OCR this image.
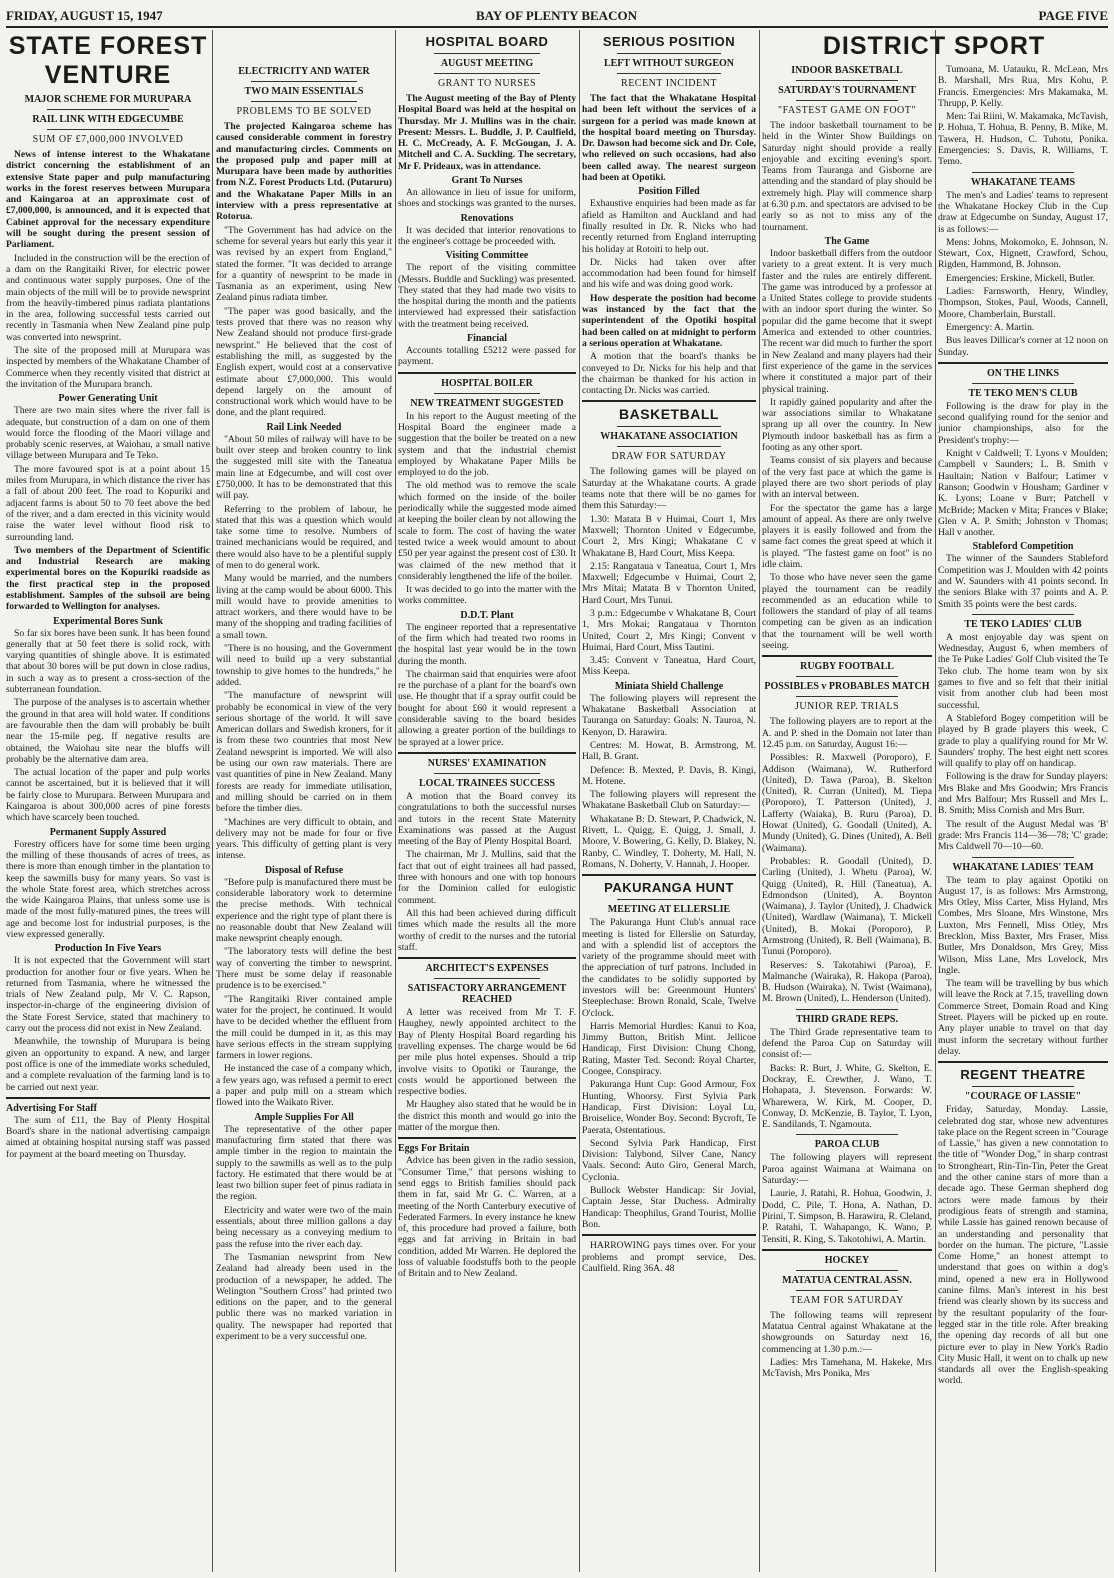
FRIDAY, AUGUST 15, 1947	BAY OF PLENTY BEACON	PAGE FIVE
STATE FOREST VENTURE
MAJOR SCHEME FOR MURUPARA
RAIL LINK WITH EDGECUMBE
SUM OF £7,000,000 INVOLVED

News of intense interest to the Whakatane district concerning the establishment of an extensive State paper and pulp manufacturing works in the forest reserves between Murupara and Kaingaroa at an approximate cost of £7,000,000, is announced, and it is expected that Cabinet approval for the necessary expenditure will be sought during the present session of Parliament.

Included in the construction will be the erection of a dam on the Rangitaiki River, for electric power and continuous water supply purposes. One of the main objects of the mill will be to provide newsprint from the heavily-timbered pinus radiata plantations in the area, following successful tests carried out recently in Tasmania when New Zealand pine pulp was converted into newsprint.

The site of the proposed mill at Murupara was inspected by members of the Whakatane Chamber of Commerce when they recently visited that district at the invitation of the Murupara branch.

Power Generating Unit

There are two main sites where the river fall is adequate, but construction of a dam on one of them would force the flooding of the Maori village and probably scenic reserves, at Waiohau, a small native village between Murupara and Te Teko.

The more favoured spot is at a point about 15 miles from Murupara, in which distance the river has a fall of about 200 feet. The road to Kopuriki and adjacent farms is about 50 to 70 feet above the bed of the river, and a dam erected in this vicinity would raise the water level without flood risk to surrounding land.

Two members of the Department of Scientific and Industrial Research are making experimental bores on the Kopuriki roadside as the first practical step in the proposed establishment. Samples of the subsoil are being forwarded to Wellington for analyses.

Experimental Bores Sunk

So far six bores have been sunk. It has been found generally that at 50 feet there is solid rock, with varying quantities of shingle above. It is estimated that about 30 bores will be put down in close radius, in such a way as to present a cross-section of the subterranean foundation.

The purpose of the analyses is to ascertain whether the ground in that area will hold water. If conditions are favourable then the dam will probably be built near the 15-mile peg. If negative results are obtained, the Waiohau site near the bluffs will probably be the alternative dam area.

The actual location of the paper and pulp works cannot be ascertained, but it is believed that it will be fairly close to Murupara. Between Murupara and Kaingaroa is about 300,000 acres of pine forests which have scarcely been touched.

Permanent Supply Assured

Forestry officers have for some time been urging the milling of these thousands of acres of trees, as there is more than enough timber in the plantation to keep the sawmills busy for many years. So vast is the whole State forest area, which stretches across the wide Kaingaroa Plains, that unless some use is made of the most fully-matured pines, the trees will age and become lost for industrial purposes, is the view expressed generally.

Production In Five Years

It is not expected that the Government will start production for another four or five years. When he returned from Tasmania, where he witnessed the trials of New Zealand pulp, Mr V. C. Rapson, inspector-in-charge of the engineering division of the State Forest Service, stated that machinery to carry out the process did not exist in New Zealand.

Meanwhile, the township of Murupara is being given an opportunity to expand. A new, and larger post office is one of the immediate works scheduled, and a complete revaluation of the farming land is to be carried out next year.

Advertising For Staff

The sum of £11, the Bay of Plenty Hospital Board's share in the national advertising campaign aimed at obtaining hospital nursing staff was passed for payment at the board meeting on Thursday.

ELECTRICITY AND WATER
TWO MAIN ESSENTIALS
PROBLEMS TO BE SOLVED

The projected Kaingaroa scheme has caused considerable comment in forestry and manufacturing circles. Comments on the proposed pulp and paper mill at Murupara have been made by authorities from N.Z. Forest Products Ltd. (Putaruru) and the Whakatane Paper Mills in an interview with a press representative at Rotorua.

"The Government has had advice on the scheme for several years but early this year it was revised by an expert from England," stated the former. "It was decided to arrange for a quantity of newsprint to be made in Tasmania as an experiment, using New Zealand pinus radiata timber.

"The paper was good basically, and the tests proved that there was no reason why New Zealand should not produce first-grade newsprint." He believed that the cost of establishing the mill, as suggested by the English expert, would cost at a conservative estimate about £7,000,000. This would depend largely on the amount of constructional work which would have to be done, and the plant required.

Rail Link Needed

"About 50 miles of railway will have to be built over steep and broken country to link the suggested mill site with the Taneatua main line at Edgecumbe, and will cost over £750,000. It has to be demonstrated that this will pay.

Referring to the problem of labour, he stated that this was a question which would take some time to resolve. Numbers of trained mechanicians would be required, and there would also have to be a plentiful supply of men to do general work.

Many would be married, and the numbers living at the camp would be about 6000. This mill would have to provide amenities to attract workers, and there would have to be many of the shopping and trading facilities of a small town.

"There is no housing, and the Government will need to build up a very substantial township to give homes to the hundreds," he added.

"The manufacture of newsprint will probably be economical in view of the very serious shortage of the world. It will save American dollars and Swedish kroners, for it is from these two countries that most New Zealand newsprint is imported. We will also be using our own raw materials. There are vast quantities of pine in New Zealand. Many forests are ready for immediate utilisation, and milling should be carried on in them before the timber dies.

"Machines are very difficult to obtain, and delivery may not be made for four or five years. This difficulty of getting plant is very intense.

Disposal of Refuse

"Before pulp is manufactured there must be considerable laboratory work to determine the precise methods. With technical experience and the right type of plant there is no reasonable doubt that New Zealand will make newsprint cheaply enough.

"The laboratory tests will define the best way of converting the timber to newsprint. There must be some delay if reasonable prudence is to be exercised."

"The Rangitaiki River contained ample water for the project, he continued. It would have to be decided whether the effluent from the mill could be dumped in it, as this may have serious effects in the stream supplying farmers in lower regions.

He instanced the case of a company which, a few years ago, was refused a permit to erect a paper and pulp mill on a stream which flowed into the Waikato River.

Ample Supplies For All

The representative of the other paper manufacturing firm stated that there was ample timber in the region to maintain the supply to the sawmills as well as to the pulp factory. He estimated that there would be at least two billion super feet of pinus radiata in the region.

Electricity and water were two of the main essentials, about three million gallons a day being necessary as a conveying medium to pass the refuse into the river each day.

The Tasmanian newsprint from New Zealand had already been used in the production of a newspaper, he added. The Welington "Southern Cross" had printed two editions on the paper, and to the general public there was no marked variation in quality. The newspaper had reported that experiment to be a very successful one.

HOSPITAL BOARD
AUGUST MEETING
GRANT TO NURSES

The August meeting of the Bay of Plenty Hospital Board was held at the hospital on Thursday. Mr J. Mullins was in the chair. Present: Messrs. L. Buddle, J. P. Caulfield, H. C. McCready, A. F. McGougan, J. A. Mitchell and C. A. Suckling. The secretary, Mr F. Prideaux, was in attendance.

Grant To Nurses

An allowance in lieu of issue for uniform, shoes and stockings was granted to the nurses.

Renovations

It was decided that interior renovations to the engineer's cottage be proceeded with.

Visiting Committee

The report of the visiting committee (Messrs. Buddle and Suckling) was presented. They stated that they had made two visits to the hospital during the month and the patients interviewed had expressed their satisfaction with the treatment being received.

Financial

Accounts totalling £5212 were passed for payment.

HOSPITAL BOILER
NEW TREATMENT SUGGESTED

In his report to the August meeting of the Hospital Board the engineer made a suggestion that the boiler be treated on a new system and that the industrial chemist employed by Whakatane Paper Mills be employed to do the job.

The old method was to remove the scale which formed on the inside of the boiler periodically while the suggested mode aimed at keeping the boiler clean by not allowing the scale to form. The cost of having the water tested twice a week would amount to about £50 per year against the present cost of £30. It was claimed of the new method that it considerably lengthened the life of the boiler.

It was decided to go into the matter with the works committee.

D.D.T. Plant

The engineer reported that a representative of the firm which had treated two rooms in the hospital last year would be in the town during the month.

The chairman said that enquiries were afoot re the purchase of a plant for the board's own use. He thought that if a spray outfit could be bought for about £60 it would represent a considerable saving to the board besides allowing a greater portion of the buildings to be sprayed at a lower price.

NURSES' EXAMINATION
LOCAL TRAINEES SUCCESS

A motion that the Board convey its congratulations to both the successful nurses and tutors in the recent State Maternity Examinations was passed at the August meeting of the Bay of Plenty Hospital Board.

The chairman, Mr J. Mullins, said that the fact that out of eight trainees all had passed, three with honours and one with top honours for the Dominion called for eulogistic comment.

All this had been achieved during difficult times which made the results all the more worthy of credit to the nurses and the tutorial staff.

ARCHITECT'S EXPENSES
SATISFACTORY ARRANGEMENT REACHED

A letter was received from Mr T. F. Haughey, newly appointed architect to the Bay of Plenty Hospital Board regarding his travelling expenses. The charge would be 6d per mile plus hotel expenses. Should a trip involve visits to Opotiki or Taurange, the costs would be apportioned between the respective bodies.

Mr Haughey also stated that he would be in the district this month and would go into the matter of the morgue then.

Eggs For Britain

Advice has been given in the radio session, "Consumer Time," that persons wishing to send eggs to British families should pack them in fat, said Mr G. C. Warren, at a meeting of the North Canterbury executive of Federated Farmers. In every instance he knew of, this procedure had proved a failure, both eggs and fat arriving in Britain in bad condition, added Mr Warren. He deplored the loss of valuable foodstuffs both to the people of Britain and to New Zealand.

SERIOUS POSITION
LEFT WITHOUT SURGEON
RECENT INCIDENT

The fact that the Whakatane Hospital had been left without the services of a surgeon for a period was made known at the hospital board meeting on Thursday. Dr. Dawson had become sick and Dr. Cole, who relieved on such occasions, had also been called away. The nearest surgeon had been at Opotiki.

Position Filled

Exhaustive enquiries had been made as far afield as Hamilton and Auckland and had finally resulted in Dr. R. Nicks who had recently returned from England interrupting his holiday at Rotoiti to help out.

Dr. Nicks had taken over after accommodation had been found for himself and his wife and was doing good work.

How desperate the position had become was instanced by the fact that the superintendent of the Opotiki hospital had been called on at midnight to perform a serious operation at Whakatane.

A motion that the board's thanks be conveyed to Dr. Nicks for his help and that the chairman be thanked for his action in contacting Dr. Nicks was carried.

BASKETBALL
WHAKATANE ASSOCIATION
DRAW FOR SATURDAY

The following games will be played on Saturday at the Whakatane courts. A grade teams note that there will be no games for them this Saturday:—

1.30: Matata B v Huimai, Court 1, Mrs Maxwell; Thornton United v Edgecumbe, Court 2, Mrs Kingi; Whakatane C v Whakatane B, Hard Court, Miss Keepa.

2.15: Rangataua v Taneatua, Court 1, Mrs Maxwell; Edgecumbe v Huimai, Court 2, Mrs Mitai; Matata B v Thornton United, Hard Court, Mrs Tunui.

3 p.m.: Edgecumbe v Whakatane B, Court 1, Mrs Mokai; Rangataua v Thornton United, Court 2, Mrs Kingi; Convent v Huimai, Hard Court, Miss Tautini.

3.45: Convent v Taneatua, Hard Court, Miss Keepa.

Miniata Shield Challenge

The following players will represent the Whakatane Basketball Association at Tauranga on Saturday: Goals: N. Tauroa, N. Kenyon, D. Harawira.

Centres: M. Howat, B. Armstrong, M. Hall, B. Grant.

Defence: B. Mexted, P. Davis, B. Kingi, M. Hotene.

The following players will represent the Whakatane Basketball Club on Saturday:—

Whakatane B: D. Stewart, P. Chadwick, N. Rivett, L. Quigg, E. Quigg, J. Small, J. Moore, V. Bowering, G. Kelly, D. Blakey, N. Ranby, C. Windley, T. Doherty, M. Hall, N. Romans, N. Doherty, V. Hannah, J. Hooper.

PAKURANGA HUNT
MEETING AT ELLERSLIE

The Pakuranga Hunt Club's annual race meeting is listed for Ellerslie on Saturday, and with a splendid list of acceptors the variety of the programme should meet with the appreciation of turf patrons. Included in the candidates to be solidly supported by investors will be: Greenmount Hunters' Steeplechase: Brown Ronald, Scale, Twelve O'clock.

Harris Memorial Hurdles: Kanui to Koa, Jimmy Button, British Mint. Jellicoe Handicap, First Division: Chung Chong, Rating, Master Ted. Second: Royal Charter, Coogee, Conspiracy.

Pakuranga Hunt Cup: Good Armour, Fox Hunting, Whoorsy. First Sylvia Park Handicap, First Division: Loyal Lu, Broiselice, Wonder Boy. Second: Bycroft, Te Paerata, Ostentatious.

Second Sylvia Park Handicap, First Division: Talybond, Silver Cane, Nancy Vaals. Second: Auto Giro, General March, Cyclonia.

Bullock Webster Handicap: Sir Jovial, Captain Jesse, Star Duchess. Admiralty Handicap: Theophilus, Grand Tourist, Mollie Bon.

HARROWING pays times over. For your problems and prompt service, Des. Caulfield. Ring 36A. 48

DISTRICT SPORT
INDOOR BASKETBALL
SATURDAY'S TOURNAMENT
"FASTEST GAME ON FOOT"

The indoor basketball tournament to be held in the Winter Show Buildings on Saturday night should provide a really enjoyable and exciting evening's sport. Teams from Tauranga and Gisborne are attending and the standard of play should be extremely high. Play will commence sharp at 6.30 p.m. and spectators are advised to be early so as not to miss any of the tournament.

The Game

Indoor basketball differs from the outdoor variety to a great extent. It is very much faster and the rules are entirely different. The game was introduced by a professor at a United States college to provide students with an indoor sport during the winter. So popular did the game become that it swept America and extended to other countries. The recent war did much to further the sport in New Zealand and many players had their first experience of the game in the services where it constituted a major part of their physical training.

It rapidly gained popularity and after the war associations similar to Whakatane sprang up all over the country. In New Plymouth indoor basketball has as firm a footing as any other sport.

Teams consist of six players and because of the very fast pace at which the game is played there are two short periods of play with an interval between.

For the spectator the game has a large amount of appeal. As there are only twelve players it is easily followed and from the same fact comes the great speed at which it is played. "The fastest game on foot" is no idle claim.

To those who have never seen the game played the tournament can be readily recommended as an education while to followers the standard of play of all teams competing can be given as an indication that the tournament will be well worth seeing.

RUGBY FOOTBALL
POSSIBLES v PROBABLES MATCH
JUNIOR REP. TRIALS

The following players are to report at the A. and P. shed in the Domain not later than 12.45 p.m. on Saturday, August 16:—

Possibles: R. Maxwell (Poroporo), F. Addison (Waimana), W. Rutherford (United), D. Tawa (Paroa), B. Skelton (United), R. Curran (United), M. Tiepa (Poroporo), T. Patterson (United), J. Lafferty (Waiaka), B. Ruru (Paroa), D. Howat (United), G. Goodall (United), A. Mundy (United), G. Dines (United), A. Bell (Waimana).

Probables: R. Goodall (United), D. Carling (United), J. Whetu (Paroa), W. Quigg (United), R. Hill (Taneatua), A. Edmondson (United), A. Boynton (Waimana), J. Taylor (United), J. Chadwick (United), Wardlaw (Waimana), T. Mickell (United), B. Mokai (Poroporo), P. Armstrong (United), R. Bell (Waimana), B. Tunui (Poroporo).

Reserves: S. Takotahiwi (Paroa), F. Malmanche (Wairaka), R. Hakopa (Paroa), B. Hudson (Wairaka), N. Twist (Waimana), M. Brown (United), L. Henderson (United).

THIRD GRADE REPS.

The Third Grade representative team to defend the Paroa Cup on Saturday will consist of:—

Backs: R. Burt, J. White, G. Skelton, E. Dockray, E. Crewther, J. Wano, T. Hohapata, J. Stevenson. Forwards: W. Wharewera, W. Kirk, M. Cooper, D. Conway, D. McKenzie, B. Taylor, T. Lyon, E. Sandilands, T. Ngamouta.

PAROA CLUB

The following players will represent Paroa against Waimana at Waimana on Saturday:—

Laurie, J. Ratahi, R. Hohua, Goodwin, J. Dodd, C. Pile, T. Hona, A. Nathan, D. Pirini, T. Simpson, B. Harawira, R. Cleland, P. Ratahi, T. Wahapango, K. Wano, P. Tensiti, R. King, S. Takotohiwi, A. Martin.

HOCKEY
MATATUA CENTRAL ASSN.
TEAM FOR SATURDAY

The following teams will represent Matatua Central against Whakatane at the showgrounds on Saturday next 16, commencing at 1.30 p.m.:—

Ladies: Mrs Tamehana, M. Hakeke, Mrs McTavish, Mrs Ponika, Mrs

Tumoana, M. Uatauku, R. McLean, Mrs B. Marshall, Mrs Rua, Mrs Kohu, P. Francis. Emergencies: Mrs Makamaka, M. Thrupp, P. Kelly.

Men: Tai Riini, W. Makamaka, McTavish, P. Hohua, T. Hohua, B. Penny, B. Mike, M. Tawera, H. Hudson, C. Tuhotu, Ponika. Emergencies: S. Davis, R. Williams, T. Temo.

WHAKATANE TEAMS

The men's and Ladies' teams to represent the Whakatane Hockey Club in the Cup draw at Edgecumbe on Sunday, August 17, is as follows:—

Mens: Johns, Mokomoko, E. Johnson, N. Stewart, Cox, Hignett, Crawford, Schou, Rigden, Hammond, B. Johnson.

Emergencies: Erskine, Mickell, Butler.

Ladies: Farnsworth, Henry, Windley, Thompson, Stokes, Paul, Woods, Cannell, Moore, Chamberlain, Burstall.

Emergency: A. Martin.

Bus leaves Dillicar's corner at 12 noon on Sunday.

ON THE LINKS
TE TEKO MEN'S CLUB

Following is the draw for play in the second qualifying round for the senior and junior championships, also for the President's trophy:—

Knight v Caldwell; T. Lyons v Moulden; Campbell v Saunders; L. B. Smith v Haultain; Nation v Balfour; Latimer v Ranson; Goodwin v Housham; Gardiner v K. Lyons; Loane v Burr; Patchell v McBride; Macken v Mita; Frances v Blake; Glen v A. P. Smith; Johnston v Thomas; Hall v another.

Stableford Competition

The winner of the Saunders Stableford Competition was J. Moulden with 42 points and W. Saunders with 41 points second. In the seniors Blake with 37 points and A. P. Smith 35 points were the best cards.

TE TEKO LADIES' CLUB

A most enjoyable day was spent on Wednesday, August 6, when members of the Te Puke Ladies' Golf Club visited the Te Teko club. The home team won by six games to five and so felt that their initial visit from another club had been most successful.

A Stableford Bogey competition will be played by B grade players this week, C grade to play a qualifying round for Mr W. Saunders' trophy. The best eight nett scores will qualify to play off on handicap.

Following is the draw for Sunday players: Mrs Blake and Mrs Goodwin; Mrs Francis and Mrs Balfour; Mrs Russell and Mrs L. B. Smith; Miss Cornish and Mrs Burr.

The result of the August Medal was 'B' grade: Mrs Francis 114—36—78; 'C' grade: Mrs Caldwell 70—10—60.

WHAKATANE LADIES' TEAM

The team to play against Opotiki on August 17, is as follows: Mrs Armstrong, Mrs Otley, Miss Carter, Miss Hyland, Mrs Combes, Mrs Sloane, Mrs Winstone, Mrs Luxton, Mrs Fennell, Miss Otley, Mrs Brecklon, Miss Baxter, Mrs Fraser, Miss Butler, Mrs Donaldson, Mrs Grey, Miss Wilson, Miss Lane, Mrs Lovelock, Mrs Ingle.

The team will be travelling by bus which will leave the Rock at 7.15, travelling down Commerce Street, Domain Road and King Street. Players will be picked up en route. Any player unable to travel on that day must inform the secretary without further delay.

REGENT THEATRE
"COURAGE OF LASSIE"

Friday, Saturday, Monday. Lassie, celebrated dog star, whose new adventures take place on the Regent screen in "Courage of Lassie," has given a new connotation to the title of "Wonder Dog," in sharp contrast to Strongheart, Rin-Tin-Tin, Peter the Great and the other canine stars of more than a decade ago. These German shepherd dog actors were made famous by their prodigious feats of strength and stamina, while Lassie has gained renown because of an understanding and personality that border on the human. The picture, "Lassie Come Home," an honest attempt to understand that goes on within a dog's mind, opened a new era in Hollywood canine films. Man's interest in his best friend was clearly shown by its success and by the resultant popularity of the four-legged star in the title role. After breaking the opening day records of all but one picture ever to play in New York's Radio City Music Hall, it went on to chalk up new standards all over the English-speaking world.
